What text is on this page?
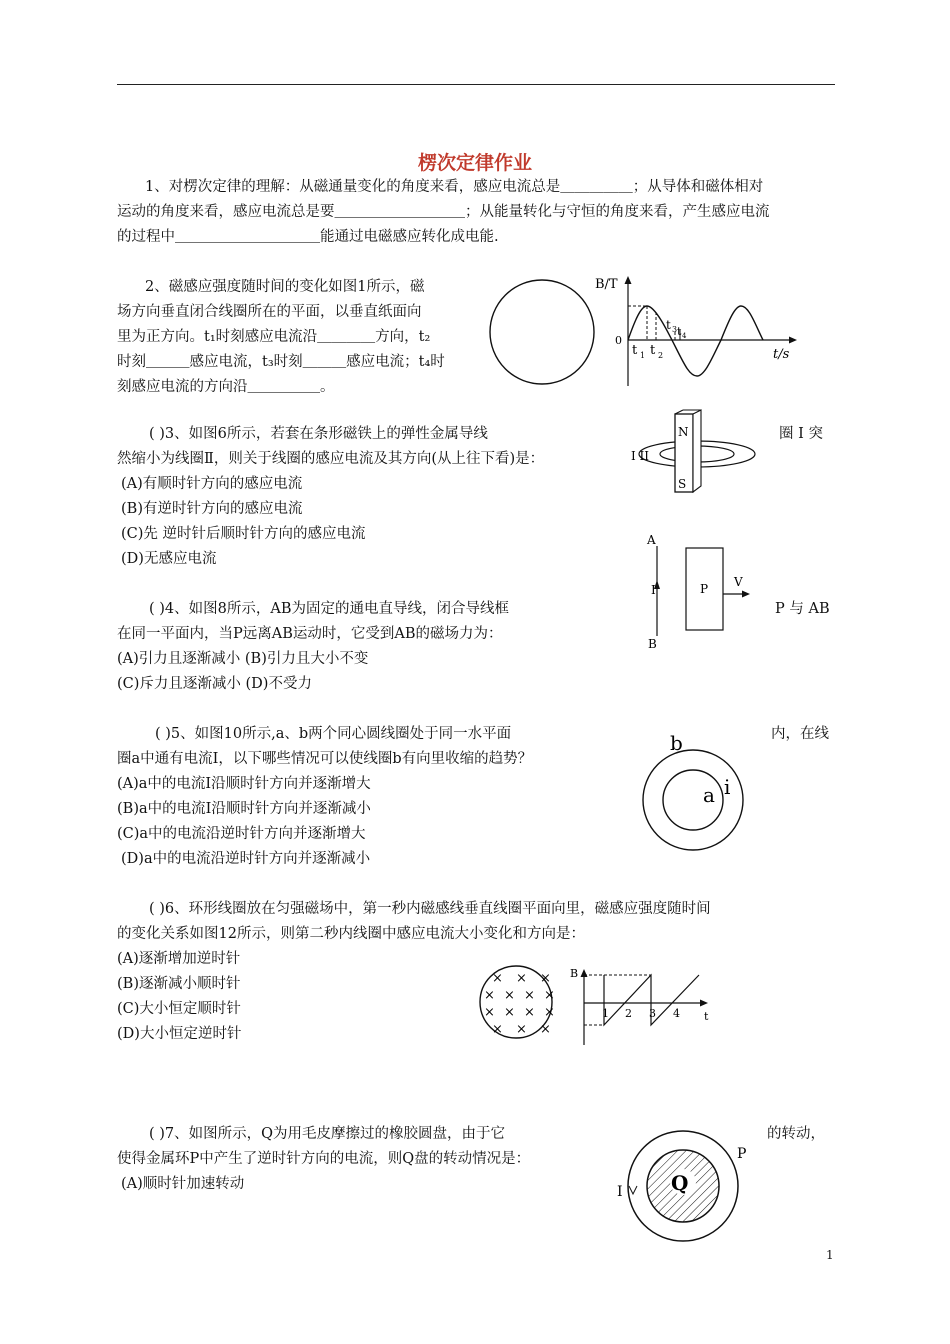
楞次定律作业
1、对楞次定律的理解：从磁通量变化的角度来看，感应电流总是＿＿＿＿＿；从导体和磁体相对
运动的角度来看，感应电流总是要＿＿＿＿＿＿＿＿＿；从能量转化与守恒的角度来看，产生感应电流
的过程中＿＿＿＿＿＿＿＿＿＿能通过电磁感应转化成电能.
2、磁感应强度随时间的变化如图1所示，磁
场方向垂直闭合线圈所在的平面，以垂直纸面向
里为正方向。t₁时刻感应电流沿＿＿＿＿方向，t₂
时刻＿＿＿感应电流，t₃时刻＿＿＿感应电流；t₄时
刻感应电流的方向沿＿＿＿＿＿。
B/T
t/s
0
t 1 t 2
t 3 t 4
( )3、如图6所示，若套在条形磁铁上的弹性金属导线	圈 I 突
然缩小为线圈Ⅱ，则关于线圈的感应电流及其方向(从上往下看)是：
(A)有顺时针方向的感应电流
(B)有逆时针方向的感应电流
(C)先 逆时针后顺时针方向的感应电流
(D)无感应电流
N
S
I II
( )4、如图8所示，AB为固定的通电直导线，闭合导线框	P 与 AB
在同一平面内，当P远离AB运动时，它受到AB的磁场力为：
(A)引力且逐渐减小 (B)引力且大小不变
(C)斥力且逐渐减小 (D)不受力
A
B
I	P V
( )5、如图10所示,a、b两个同心圆线圈处于同一水平面	内，在线
圈a中通有电流I，以下哪些情况可以使线圈b有向里收缩的趋势？
(A)a中的电流I沿顺时针方向并逐渐增大
(B)a中的电流I沿顺时针方向并逐渐减小
(C)a中的电流沿逆时针方向并逐渐增大
(D)a中的电流沿逆时针方向并逐渐减小
b
a i
( )6、环形线圈放在匀强磁场中，第一秒内磁感线垂直线圈平面向里，磁感应强度随时间
的变化关系如图12所示，则第二秒内线圈中感应电流大小变化和方向是：
(A)逐渐增加逆时针
(B)逐渐减小顺时针
(C)大小恒定顺时针
(D)大小恒定逆时针
× × ×
× × × ×
× × × ×
× × ×
B
t
1 2 3 4
( )7、如图所示，Q为用毛皮摩擦过的橡胶圆盘，由于它	的转动，
使得金属环P中产生了逆时针方向的电流，则Q盘的转动情况是：
(A)顺时针加速转动	Q
P
I
1
